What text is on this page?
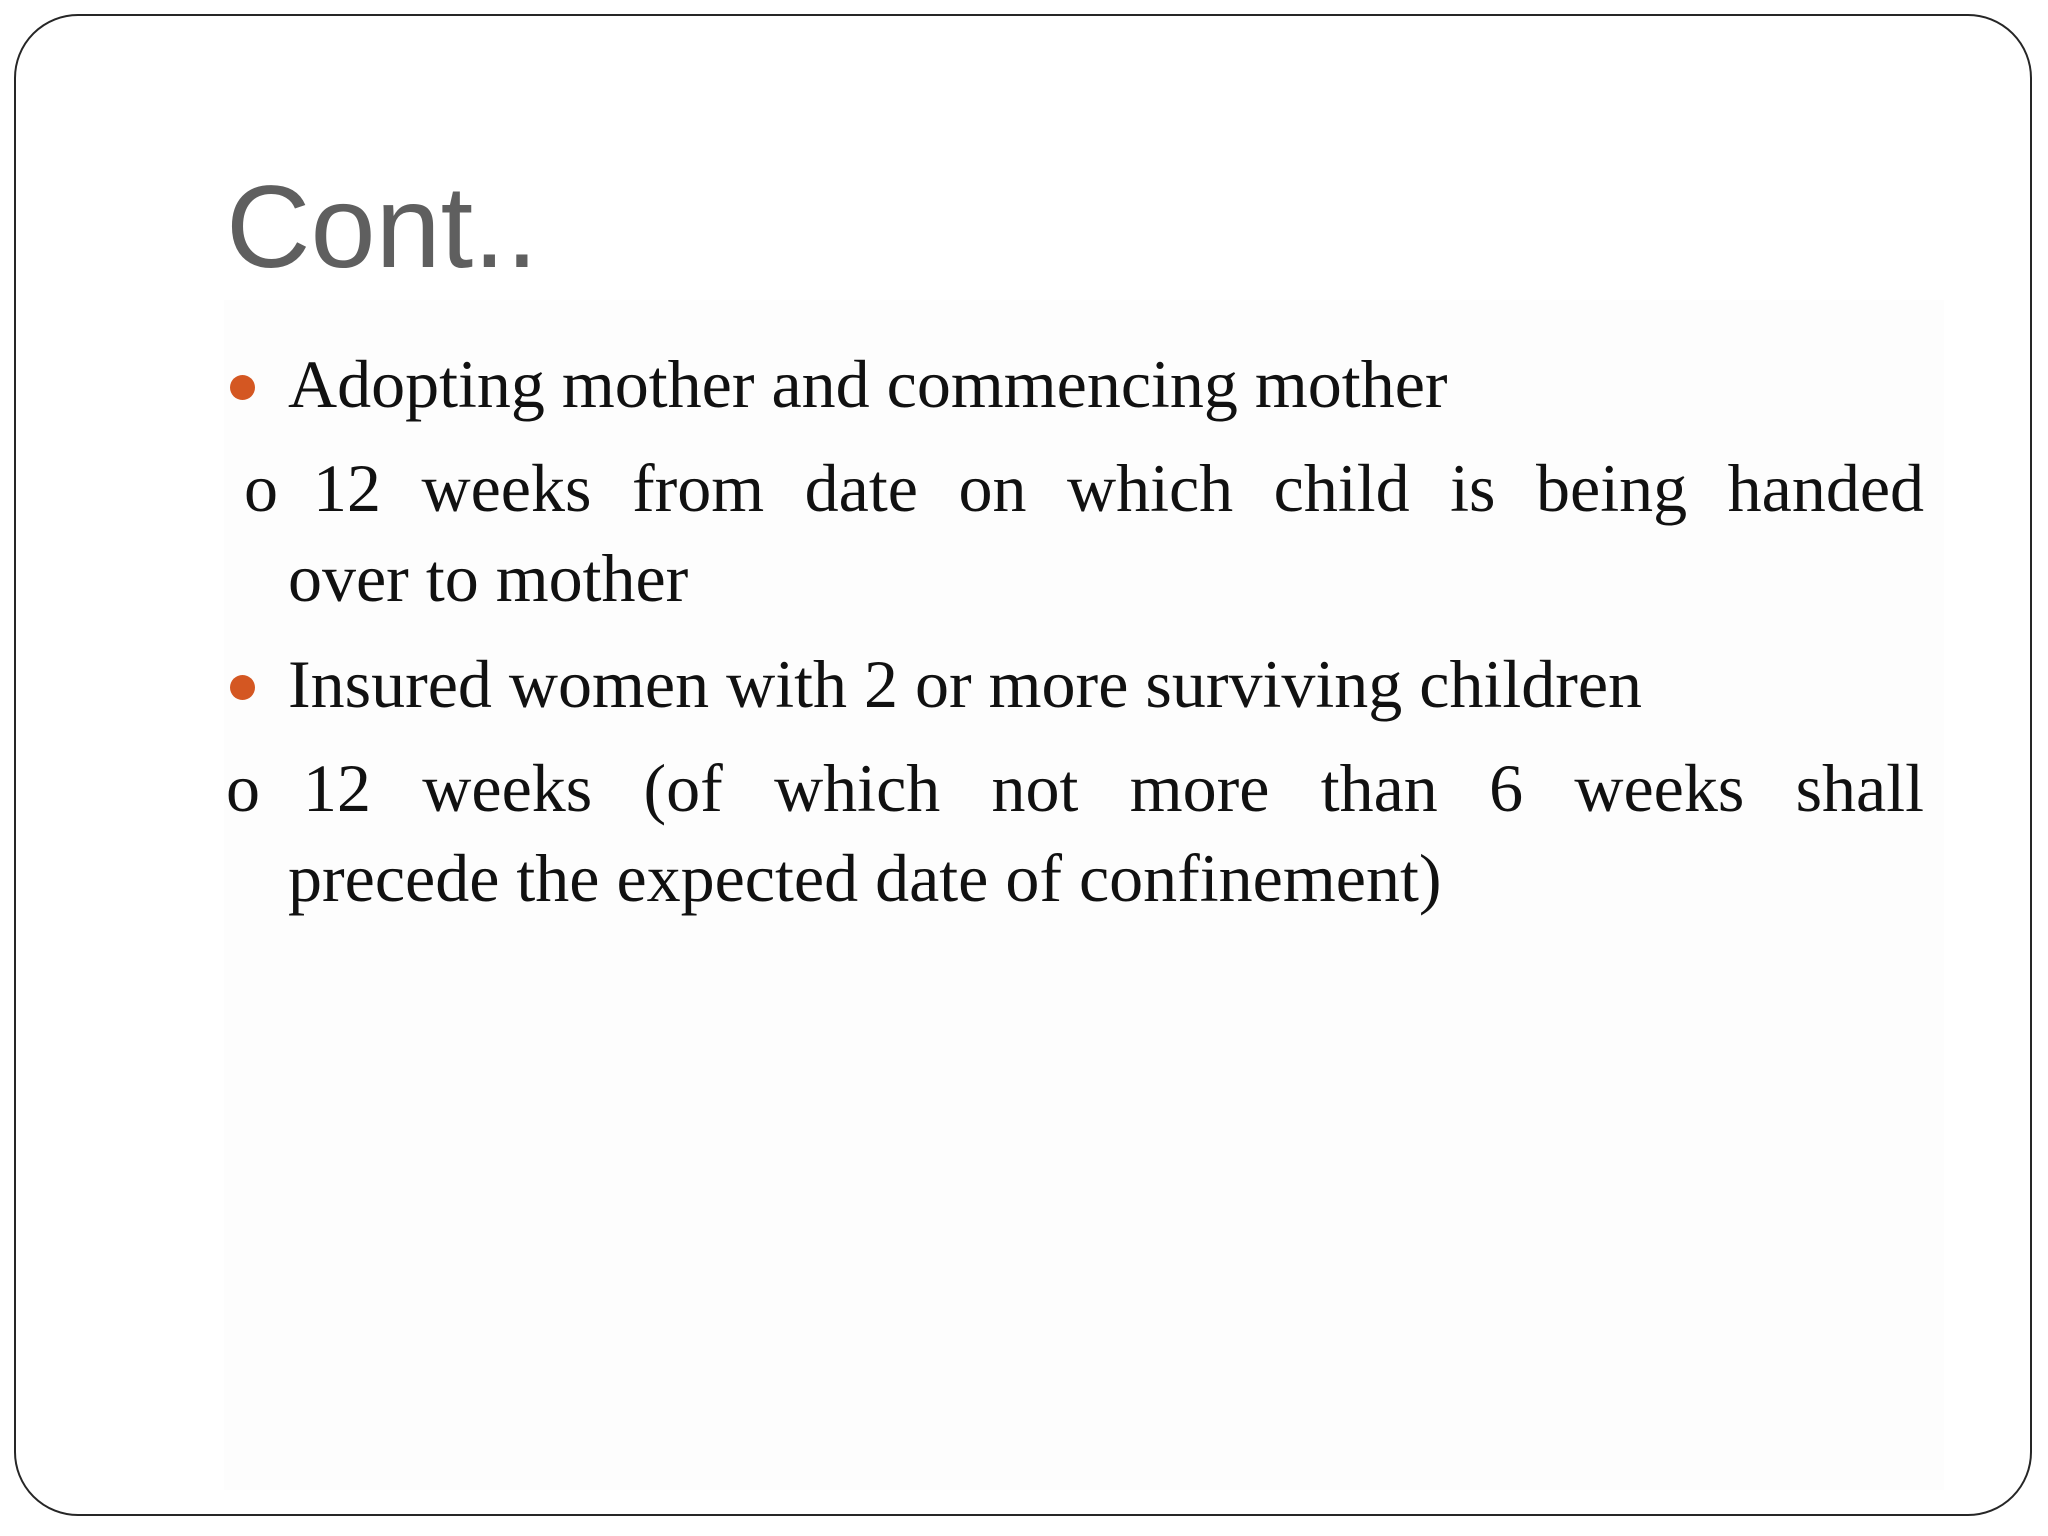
Cont..

Adopting mother and commencing mother

o 12 weeks from date on which child is being handed

over to mother

Insured women with 2 or more surviving children

o 12 weeks (of which not more than 6 weeks shall

precede the expected date of confinement)
